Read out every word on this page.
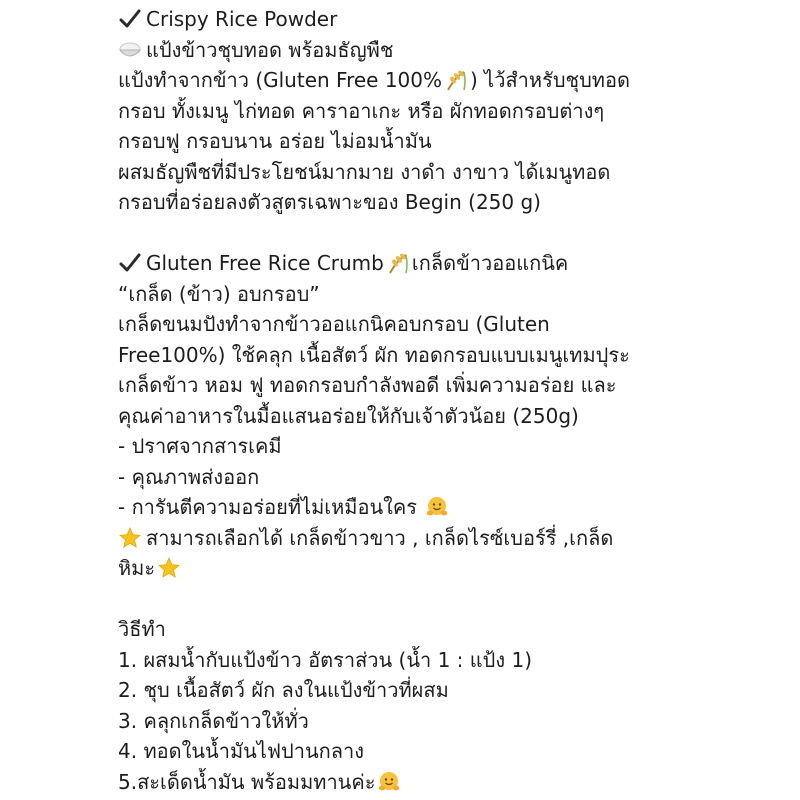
Crispy Rice Powder
แป้งข้าวชุบทอด พร้อมธัญพืช
แป้งทำจากข้าว (Gluten Free 100% ) ไว้สำหรับชุบทอด
กรอบ ทั้งเมนู ไก่ทอด คาราอาเกะ หรือ ผักทอดกรอบต่างๆ
กรอบฟู กรอบนาน อร่อย ไม่อมน้ำมัน
ผสมธัญพืชที่มีประโยชน์มากมาย งาดำ งาขาว ได้เมนูทอด
กรอบที่อร่อยลงตัวสูตรเฉพาะของ Begin (250 g)
Gluten Free Rice Crumb เกล็ดข้าวออแกนิค
“เกล็ด (ข้าว) อบกรอบ”
เกล็ดขนมปังทำจากข้าวออแกนิคอบกรอบ (Gluten
Free100%) ใช้คลุก เนื้อสัตว์ ผัก ทอดกรอบแบบเมนูเทมปุระ
เกล็ดข้าว หอม ฟู ทอดกรอบกำลังพอดี เพิ่มความอร่อย และ
คุณค่าอาหารในมื้อแสนอร่อยให้กับเจ้าตัวน้อย (250g)
- ปราศจากสารเคมี
- คุณภาพส่งออก
- การันตีความอร่อยที่ไม่เหมือนใคร
สามารถเลือกได้ เกล็ดข้าวขาว , เกล็ดไรซ์เบอร์รี่ ,เกล็ด
หิมะ
วิธีทำ
1. ผสมน้ำกับแป้งข้าว อัตราส่วน (น้ำ 1 : แป้ง 1)
2. ชุบ เนื้อสัตว์ ผัก ลงในแป้งข้าวที่ผสม
3. คลุกเกล็ดข้าวให้ทั่ว
4. ทอดในน้ำมันไฟปานกลาง
5.สะเด็ดน้ำมัน พร้อมมทานค่ะ
